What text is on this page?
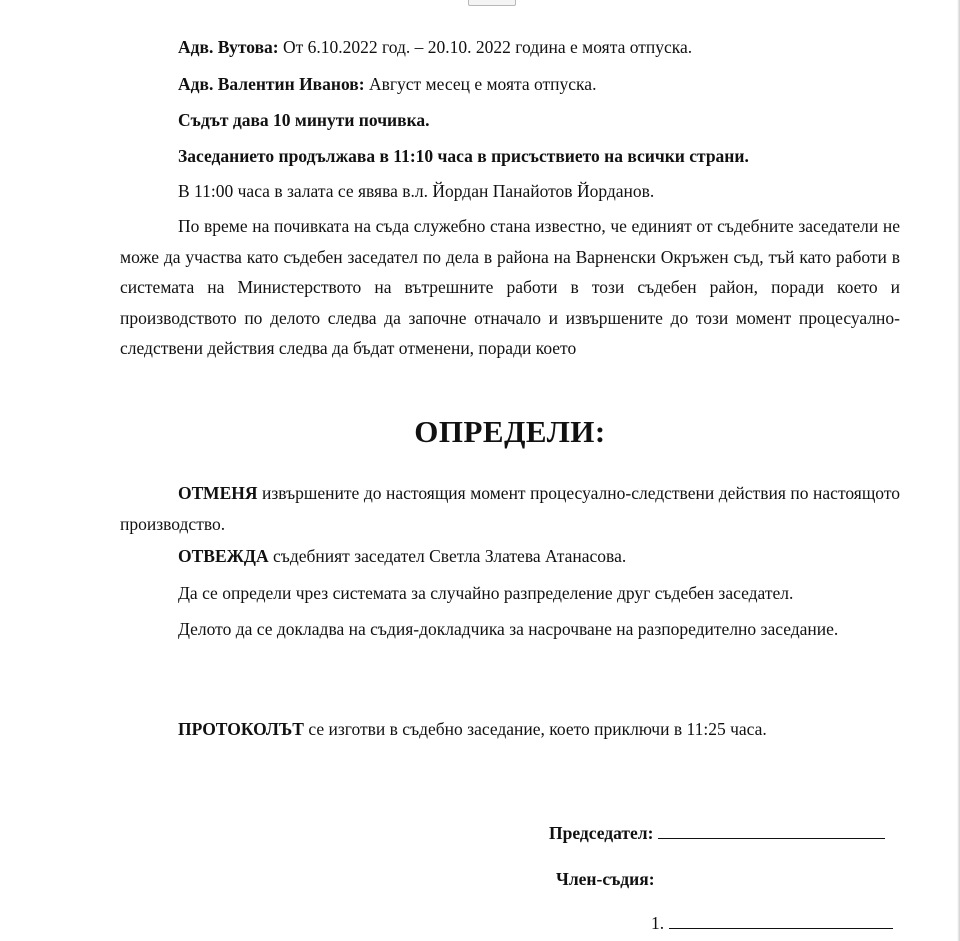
Адв. Вутова: От 6.10.2022 год. – 20.10. 2022 година е моята отпуска.
Адв. Валентин Иванов: Август месец е моята отпуска.
Съдът дава 10 минути почивка.
Заседанието продължава в 11:10 часа в присъствието на всички страни.
В 11:00 часа в залата се явява в.л. Йордан Панайотов Йорданов.
По време на почивката на съда служебно стана известно, че единият от съдебните заседатели не може да участва като съдебен заседател по дела в района на Варненски Окръжен съд, тъй като работи в системата на Министерството на вътрешните работи в този съдебен район, поради което и производството по делото следва да започне отначало и извършените до този момент процесуално-следствени действия следва да бъдат отменени, поради което
ОПРЕДЕЛИ:
ОТМЕНЯ извършените до настоящия момент процесуално-следствени действия по настоящото производство.
ОТВЕЖДА съдебният заседател Светла Златева Атанасова.
Да се определи чрез системата за случайно разпределение друг съдебен заседател.
Делото да се докладва на съдия-докладчика за насрочване на разпоредително заседание.
ПРОТОКОЛЪТ се изготви в съдебно заседание, което приключи в 11:25 часа.
Председател:
Член-съдия:
1.
